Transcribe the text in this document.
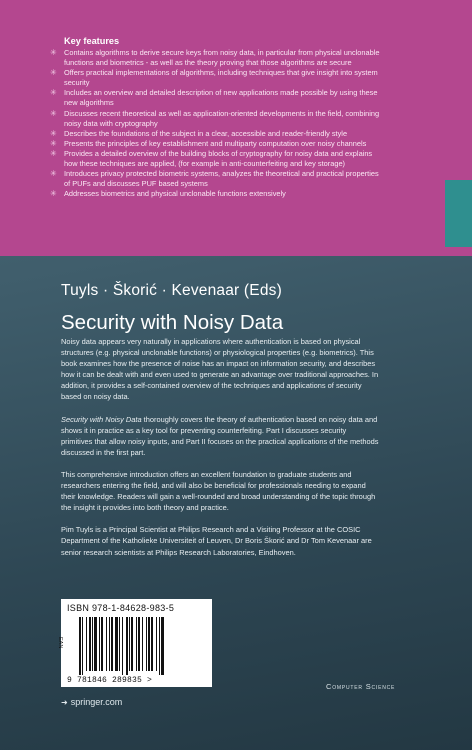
Key features
✳ Contains algorithms to derive secure keys from noisy data, in particular from physical unclonable functions and biometrics - as well as the theory proving that those algorithms are secure
✳ Offers practical implementations of algorithms, including techniques that give insight into system security
✳ Includes an overview and detailed description of new applications made possible by using these new algorithms
✳ Discusses recent theoretical as well as application-oriented developments in the field, combining noisy data with cryptography
✳ Describes the foundations of the subject in a clear, accessible and reader-friendly style
✳ Presents the principles of key establishment and multiparty computation over noisy channels
✳ Provides a detailed overview of the building blocks of cryptography for noisy data and explains how these techniques are applied, (for example in anti-counterfeiting and key storage)
✳ Introduces privacy protected biometric systems, analyzes the theoretical and practical properties of PUFs and discusses PUF based systems
✳ Addresses biometrics and physical unclonable functions extensively
Tuyls · Škorić · Kevenaar (Eds)
Security with Noisy Data

Noisy data appears very naturally in applications where authentication is based on physical structures (e.g. physical unclonable functions) or physiological properties (e.g. biometrics). This book examines how the presence of noise has an impact on information security, and describes how it can be dealt with and even used to generate an advantage over traditional approaches. In addition, it provides a self-contained overview of the techniques and applications of security based on noisy data.

Security with Noisy Data thoroughly covers the theory of authentication based on noisy data and shows it in practice as a key tool for preventing counterfeiting. Part I discusses security primitives that allow noisy inputs, and Part II focuses on the practical applications of the methods discussed in the first part.

This comprehensive introduction offers an excellent foundation to graduate students and researchers entering the field, and will also be beneficial for professionals needing to expand their knowledge. Readers will gain a well-rounded and broad understanding of the topic through the insight it provides into both theory and practice.

Pim Tuyls is a Principal Scientist at Philips Research and a Visiting Professor at the COSIC Department of the Katholieke Universiteit of Leuven, Dr Boris Škorić and Dr Tom Kevenaar are senior research scientists at Philips Research Laboratories, Eindhoven.

ISBN 978-1-84628-983-5
EAN
9 781846 289835 >
Computer Science
➜ springer.com
